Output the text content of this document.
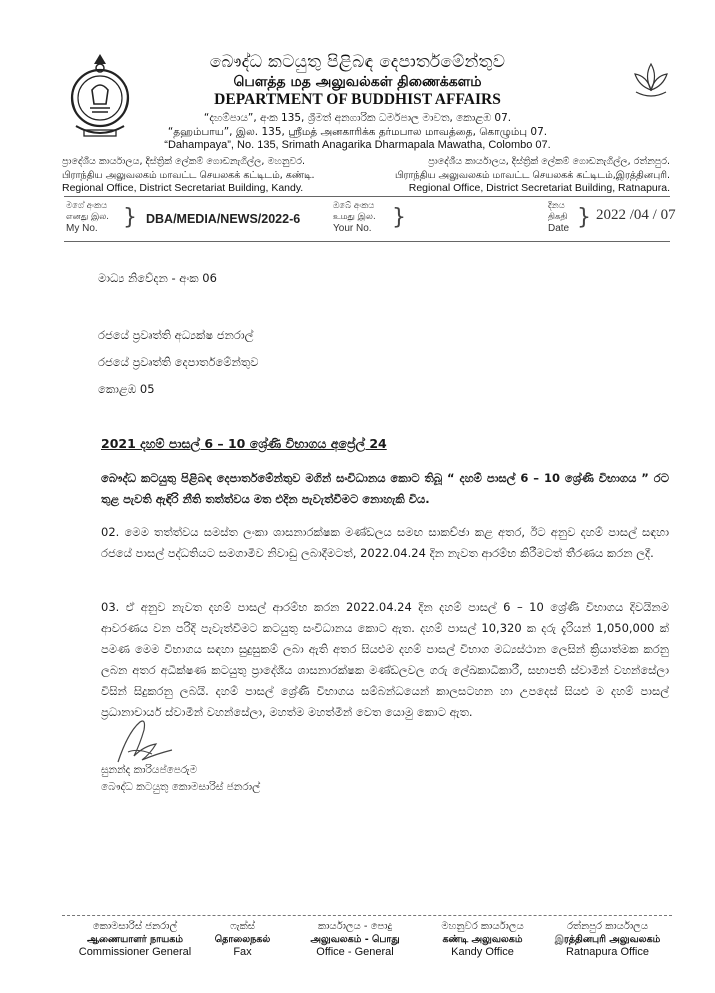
බෞද්ධ කටයුතු පිළිබඳ දෙපාර්තමේන්තුව
பௌத்த மத அலுவல்கள் திணைக்களம்
DEPARTMENT OF BUDDHIST AFFAIRS
“දහම්පාය”, අංක 135, ශ්‍රීමත් අනගාරික ධර්මපාල මාවත, කොළඹ 07.
“தஹம்பாய”, இல. 135, ஸ்ரீமத் அனகாரிக்க தர்மபால மாவத்தை, கொழும்பு 07.
“Dahampaya”, No. 135, Srimath Anagarika Dharmapala Mawatha, Colombo 07.
ප්‍රාදේශීය කාර්යාලය, දිස්ත්‍රික් ලේකම් ගොඩනැගිල්ල, මහනුවර.
பிராந்திய அலுவலகம் மாவட்ட செயலகக் கட்டிடம், கண்டி.
Regional Office, District Secretariat Building, Kandy.
ප්‍රාදේශීය කාර්යාලය, දිස්ත්‍රික් ලේකම් ගොඩනැගිල්ල, රත්නපුර.
பிராந்திய அலுவலகம் மாவட்ட செயலகக் கட்டிடம்,இரத்தினபுரி.
Regional Office, District Secretariat Building, Ratnapura.
මගේ අංකය
எனது இல.
My No.	} DBA/MEDIA/NEWS/2022-6
ඔබේ අංකය
உமது இல.
Your No. }	දිනය
திகதி
Date } 2022 /04 / 07
මාධ්‍ය නිවේදන - අංක 06
රජයේ ප්‍රවෘත්ති අධ්‍යක්ෂ ජනරාල්
රජයේ ප්‍රවෘත්ති දෙපාර්තමේන්තුව
කොළඹ 05
2021 දහම් පාසල් 6 – 10 ශ්‍රේණි විභාගය අප්‍රේල් 24
බෞද්ධ කටයුතු පිළිබඳ දෙපාර්තමේන්තුව මගින් සංවිධානය කොට තිබූ “ දහම් පාසල් 6 – 10 ශ්‍රේණි විභාගය ” රට තුළ පැවති ඇඳිරි නීති තත්ත්වය මත එදින පැවැත්වීමට නොහැකි විය.
02. මෙම තත්ත්වය සමස්ත ලංකා ශාසනාරක්ෂක මණ්ඩලය සමඟ සාකච්ඡා කළ අතර, ඊට අනුව දහම් පාසල් සඳහා රජයේ පාසල් පද්ධතියට සමගාමීව නිවාඩු ලබාදීමටත්, 2022.04.24 දින නැවත ආරම්භ කිරීමටත් තීරණය කරන ලදී.
03. ඒ අනුව නැවත දහම් පාසල් ආරම්භ කරන 2022.04.24 දින දහම් පාසල් 6 – 10 ශ්‍රේණි විභාගය දිවයිනම ආවරණය වන පරිදි පැවැත්වීමට කටයුතු සංවිධානය කොට ඇත. දහම් පාසල් 10,320 ක දරු දැරියන් 1,050,000 ක් පමණ මෙම විභාගය සඳහා සුදුසුකම් ලබා ඇති අතර සියළුම දහම් පාසල් විභාග මධ්‍යස්ථාන ලෙසින් ක්‍රියාත්මක කරනු ලබන අතර අධීක්ෂණ කටයුතු ප්‍රාදේශීය ශාසනාරක්ෂක මණ්ඩලවල ගරු ලේඛකාධිකාරී, සභාපති ස්වාමීන් වහන්සේලා විසින් සිදුකරනු ලබයි. දහම් පාසල් ශ්‍රේණි විභාගය සම්බන්ධයෙන් කාලසටහන හා උපදෙස් සියළු ම දහම් පාසල් ප්‍රධානාචාර්ය ස්වාමීන් වහන්සේලා, මහත්ම මහත්මීන් වෙත යොමු කොට ඇත.
සුනන්ද කාරියප්පෙරුම
බෞද්ධ කටයුතු කොමසාරිස් ජනරාල්
කොමසාරිස් ජනරාල්
ஆணையாளர் நாயகம்
Commissioner General
ෆැක්ස්
தொலைநகல்
Fax
කාර්යාලය - පොදු
அலுவலகம் - பொது
Office - General
මහනුවර කාර්යාලය
கண்டி அலுவலகம்
Kandy Office
රත්නපුර කාර්යාලය
இரத்தினபுரி அலுவலகம்
Ratnapura Office
